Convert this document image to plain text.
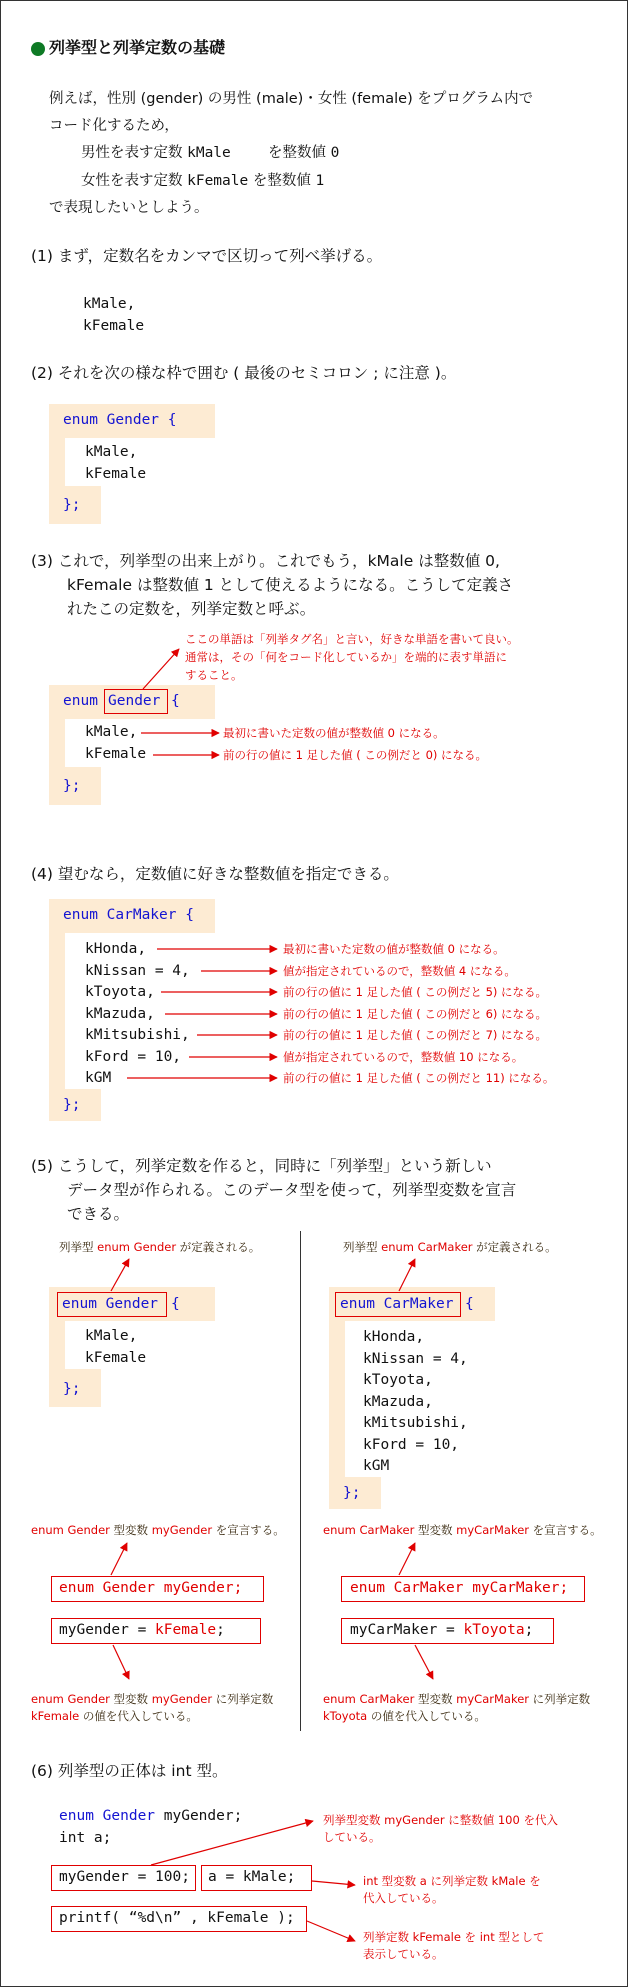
列挙型と列挙定数の基礎
例えば，性別 (gender) の男性 (male)・女性 (female) をプログラム内で
コード化するため，
男性を表す定数 kMale	を整数値 0
女性を表す定数 kFemale を整数値 1
で表現したいとしよう。
(1) まず，定数名をカンマで区切って列べ挙げる。
kMale,
kFemale
(2) それを次の様な枠で囲む ( 最後のセミコロン ; に注意 )。
enum Gender {
kMale,
kFemale
};
(3) これで，列挙型の出来上がり。これでもう，kMale は整数値 0,
kFemale は整数値 1 として使えるようになる。こうして定義さ
れたこの定数を，列挙定数と呼ぶ。
ここの単語は「列挙タグ名」と言い，好きな単語を書いて良い。
通常は，その「何をコード化しているか」を端的に表す単語に
すること。
enum Gender {
kMale,
kFemale
};
最初に書いた定数の値が整数値 0 になる。
前の行の値に 1 足した値 ( この例だと 0) になる。
(4) 望むなら，定数値に好きな整数値を指定できる。
enum CarMaker {
kHonda,
kNissan = 4,
kToyota,
kMazuda,
kMitsubishi,
kFord = 10,
kGM
};
最初に書いた定数の値が整数値 0 になる。
値が指定されているので，整数値 4 になる。
前の行の値に 1 足した値 ( この例だと 5) になる。
前の行の値に 1 足した値 ( この例だと 6) になる。
前の行の値に 1 足した値 ( この例だと 7) になる。
値が指定されているので，整数値 10 になる。
前の行の値に 1 足した値 ( この例だと 11) になる。
(5) こうして，列挙定数を作ると，同時に「列挙型」という新しい
データ型が作られる。このデータ型を使って，列挙型変数を宣言
できる。
列挙型 enum Gender が定義される。
enum Gender {
kMale,
kFemale
};
enum Gender 型変数 myGender を宣言する。
enum Gender myGender;
myGender = kFemale;
enum Gender 型変数 myGender に列挙定数
kFemale の値を代入している。
列挙型 enum CarMaker が定義される。
enum CarMaker {
kHonda,
kNissan = 4,
kToyota,
kMazuda,
kMitsubishi,
kFord = 10,
kGM
};
enum CarMaker 型変数 myCarMaker を宣言する。
enum CarMaker myCarMaker;
myCarMaker = kToyota;
enum CarMaker 型変数 myCarMaker に列挙定数
kToyota の値を代入している。
(6) 列挙型の正体は int 型。
enum Gender myGender;
int a;
myGender = 100; a = kMale;
printf( “%d\n” , kFemale );
列挙型変数 myGender に整数値 100 を代入
している。
int 型変数 a に列挙定数 kMale を
代入している。
列挙定数 kFemale を int 型として
表示している。
